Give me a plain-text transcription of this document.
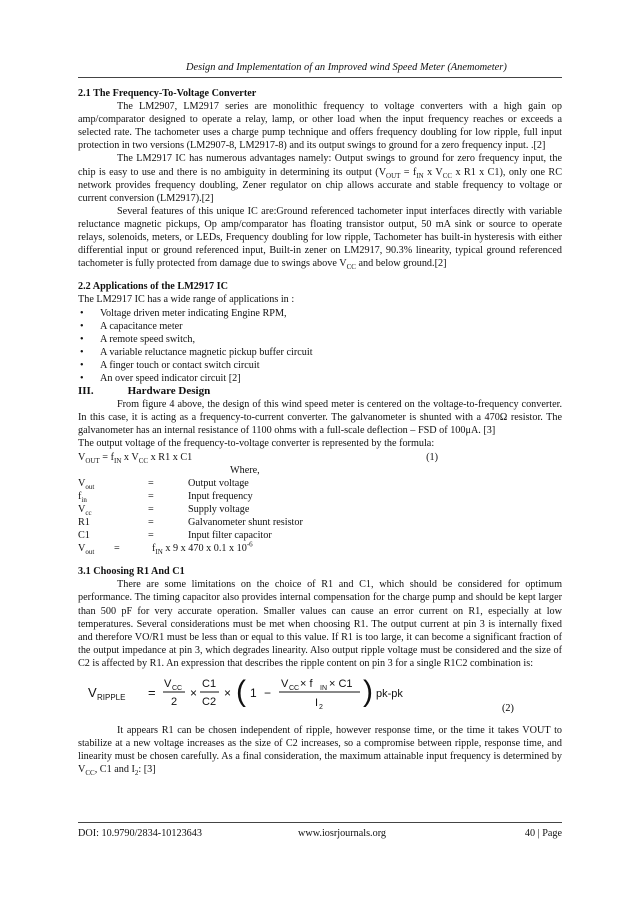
Design and Implementation of an Improved wind Speed Meter (Anemometer)

2.1 The Frequency-To-Voltage Converter

The LM2907, LM2917 series are monolithic frequency to voltage converters with a high gain op amp/comparator designed to operate a relay, lamp, or other load when the input frequency reaches or exceeds a selected rate. The tachometer uses a charge pump technique and offers frequency doubling for low ripple, full input protection in two versions (LM2907-8, LM2917-8) and its output swings to ground for a zero frequency input. .[2]

The LM2917 IC has numerous advantages namely: Output swings to ground for zero frequency input, the chip is easy to use and there is no ambiguity in determining its output ($V_{OUT} = f_{IN}$ x $V_{CC}$ x R1 x C1), only one RC network provides frequency doubling, Zener regulator on chip allows accurate and stable frequency to voltage or current conversion (LM2917).[2]

Several features of this unique IC are:Ground referenced tachometer input interfaces directly with variable reluctance magnetic pickups, Op amp/comparator has floating transistor output, 50 mA sink or source to operate relays, solenoids, meters, or LEDs, Frequency doubling for low ripple, Tachometer has built-in hysteresis with either differential input or ground referenced input, Built-in zener on LM2917, 90.3% linearity, typical ground referenced tachometer is fully protected from damage due to swings above $V_{CC}$ and below ground.[2]

2.2 Applications of the LM2917 IC

The LM2917 IC has a wide range of applications in :

• Voltage driven meter indicating Engine RPM,
• A capacitance meter
• A remote speed switch,
• A variable reluctance magnetic pickup buffer circuit
• A finger touch or contact switch circuit
• An over speed indicator circuit [2]

III.	Hardware Design

From figure 4 above, the design of this wind speed meter is centered on the voltage-to-frequency converter. In this case, it is acting as a frequency-to-current converter. The galvanometer is shunted with a 470Ω resistor. The galvanometer has an internal resistance of 1100 ohms with a full-scale deflection – FSD of 100μA. [3]

The output voltage of the frequency-to-voltage converter is represented by the formula:

$V_{OUT} = f_{IN}$ x $V_{CC}$ x R1 x C1	(1)

Where,

$V_{out}$	=	Output voltage
$f_{in}$	=	Input frequency
$V_{cc}$	=	Supply voltage
R1	=	Galvanometer shunt resistor
C1	=	Input filter capacitor
$V_{out}$	=	$f_{IN}$ x 9 x 470 x 0.1 x $10^{-6}$

3.1 Choosing R1 And C1

There are some limitations on the choice of R1 and C1, which should be considered for optimum performance. The timing capacitor also provides internal compensation for the charge pump and should be kept larger than 500 pF for very accurate operation. Smaller values can cause an error current on R1, especially at low temperatures. Several considerations must be met when choosing R1. The output current at pin 3 is internally fixed and therefore VO/R1 must be less than or equal to this value. If R1 is too large, it can become a significant fraction of the output impedance at pin 3, which degrades linearity. Also output ripple voltage must be considered and the size of C2 is affected by R1. An expression that describes the ripple content on pin 3 for a single R1C2 combination is:

V RIPPLE =
V CC
2
×
C1
C2
× ( 1 −
V CC × f IN × C1
I 2 ) pk-pk
(2)

It appears R1 can be chosen independent of ripple, however response time, or the time it takes VOUT to stabilize at a new voltage increases as the size of C2 increases, so a compromise between ripple, response time, and linearity must be chosen carefully. As a final consideration, the maximum attainable input frequency is determined by $V_{CC}$, C1 and $I_2$: [3]

DOI: 10.9790/2834-10123643	www.iosrjournals.org	40 | Page
